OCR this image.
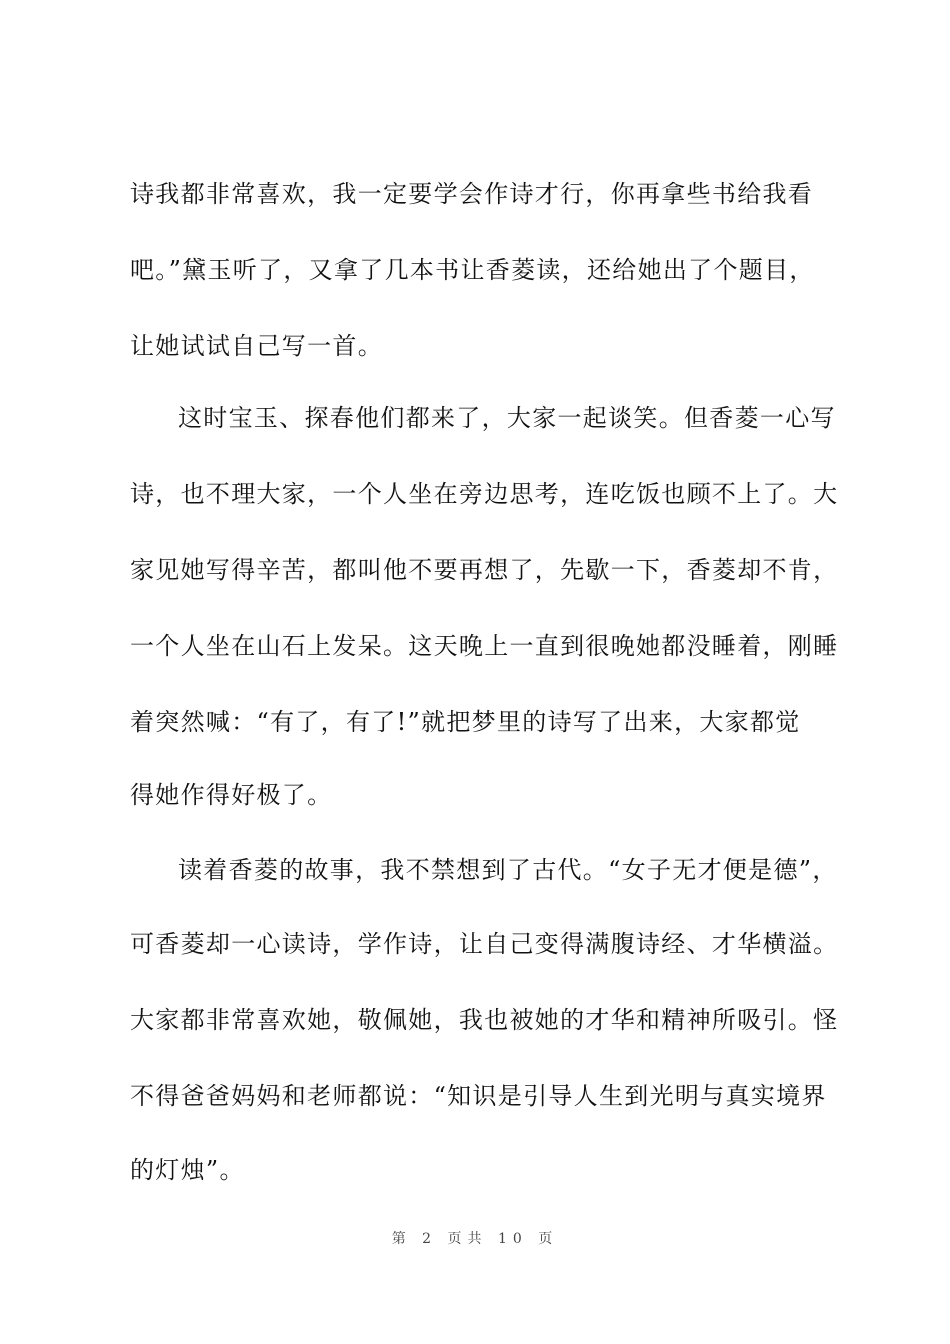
诗我都非常喜欢，我一定要学会作诗才行，你再拿些书给我看
吧。”黛玉听了，又拿了几本书让香菱读，还给她出了个题目，
让她试试自己写一首。
这时宝玉、探春他们都来了，大家一起谈笑。但香菱一心写
诗，也不理大家，一个人坐在旁边思考，连吃饭也顾不上了。大
家见她写得辛苦，都叫他不要再想了，先歇一下，香菱却不肯，
一个人坐在山石上发呆。这天晚上一直到很晚她都没睡着，刚睡
着突然喊：“有了，有了!”就把梦里的诗写了出来，大家都觉
得她作得好极了。
读着香菱的故事，我不禁想到了古代。“女子无才便是德”，
可香菱却一心读诗，学作诗，让自己变得满腹诗经、才华横溢。
大家都非常喜欢她，敬佩她，我也被她的才华和精神所吸引。怪
不得爸爸妈妈和老师都说：“知识是引导人生到光明与真实境界
的灯烛”。
第 2 页共 10 页
